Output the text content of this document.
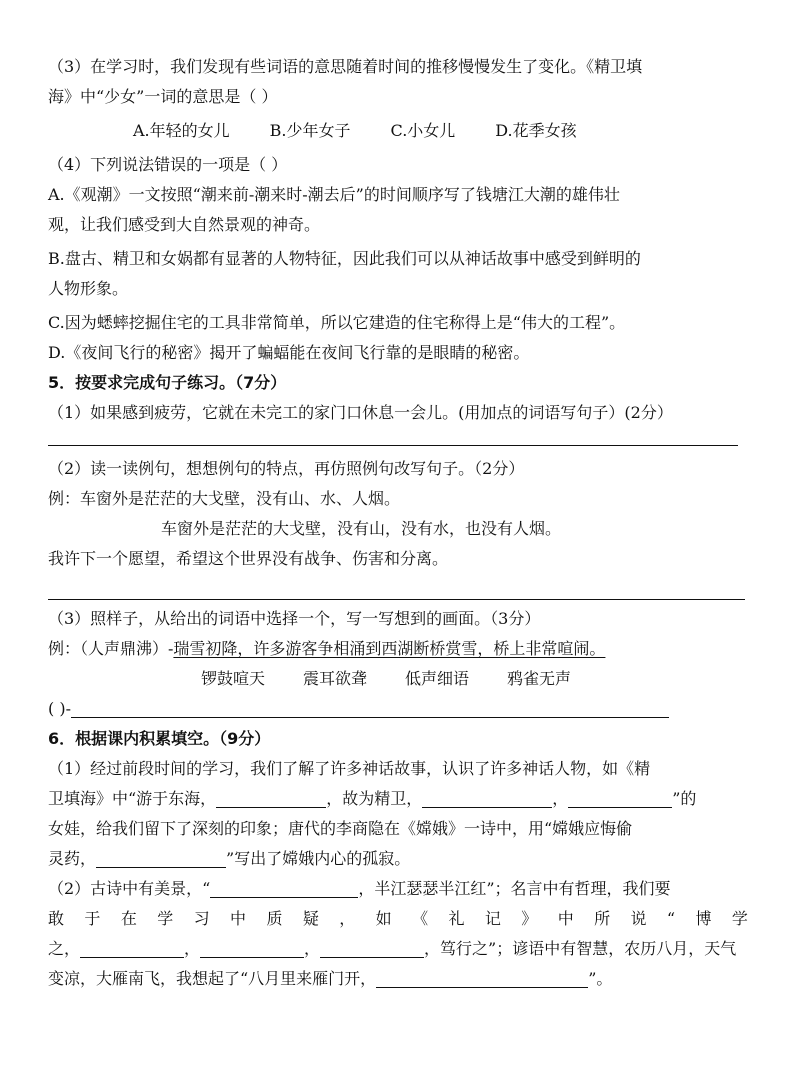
（3）在学习时，我们发现有些词语的意思随着时间的推移慢慢发生了变化。《精卫填
海》中“少女”一词的意思是（ ）
A.年轻的女儿	B.少年女子	C.小女儿	D.花季女孩
（4）下列说法错误的一项是（ ）
A.《观潮》一文按照“潮来前-潮来时-潮去后”的时间顺序写了钱塘江大潮的雄伟壮
观，让我们感受到大自然景观的神奇。
B.盘古、精卫和女娲都有显著的人物特征，因此我们可以从神话故事中感受到鲜明的
人物形象。
C.因为蟋蟀挖掘住宅的工具非常简单，所以它建造的住宅称得上是“伟大的工程”。
D.《夜间飞行的秘密》揭开了蝙蝠能在夜间飞行靠的是眼睛的秘密。
5．按要求完成句子练习。（7分）
（1）如果感到疲劳，它就在未完工的家门口休息一会儿。(用加点的词语写句子）(2分）
（2）读一读例句，想想例句的特点，再仿照例句改写句子。（2分）
例：车窗外是茫茫的大戈壁，没有山、水、人烟。
车窗外是茫茫的大戈壁，没有山，没有水，也没有人烟。
我许下一个愿望，希望这个世界没有战争、伤害和分离。
（3）照样子，从给出的词语中选择一个，写一写想到的画面。（3分）
例：（人声鼎沸）-瑞雪初降，许多游客争相涌到西湖断桥赏雪，桥上非常喧闹。
锣鼓喧天 震耳欲聋 低声细语 鸦雀无声
( )-
6．根据课内积累填空。（9分）
（1）经过前段时间的学习，我们了解了许多神话故事，认识了许多神话人物，如《精
卫填海》中“游于东海，	，故为精卫，	，	”的
女娃，给我们留下了深刻的印象；唐代的李商隐在《嫦娥》一诗中，用“嫦娥应悔偷
灵药，	”写出了嫦娥内心的孤寂。
（2）古诗中有美景，“	，半江瑟瑟半江红”；名言中有哲理，我们要
敢 于 在 学 习 中 质 疑 ， 如 《 礼 记 》 中 所 说 “ 博 学
之，	，	，	，笃行之”；谚语中有智慧，农历八月，天气
变凉，大雁南飞，我想起了“八月里来雁门开，	”。
